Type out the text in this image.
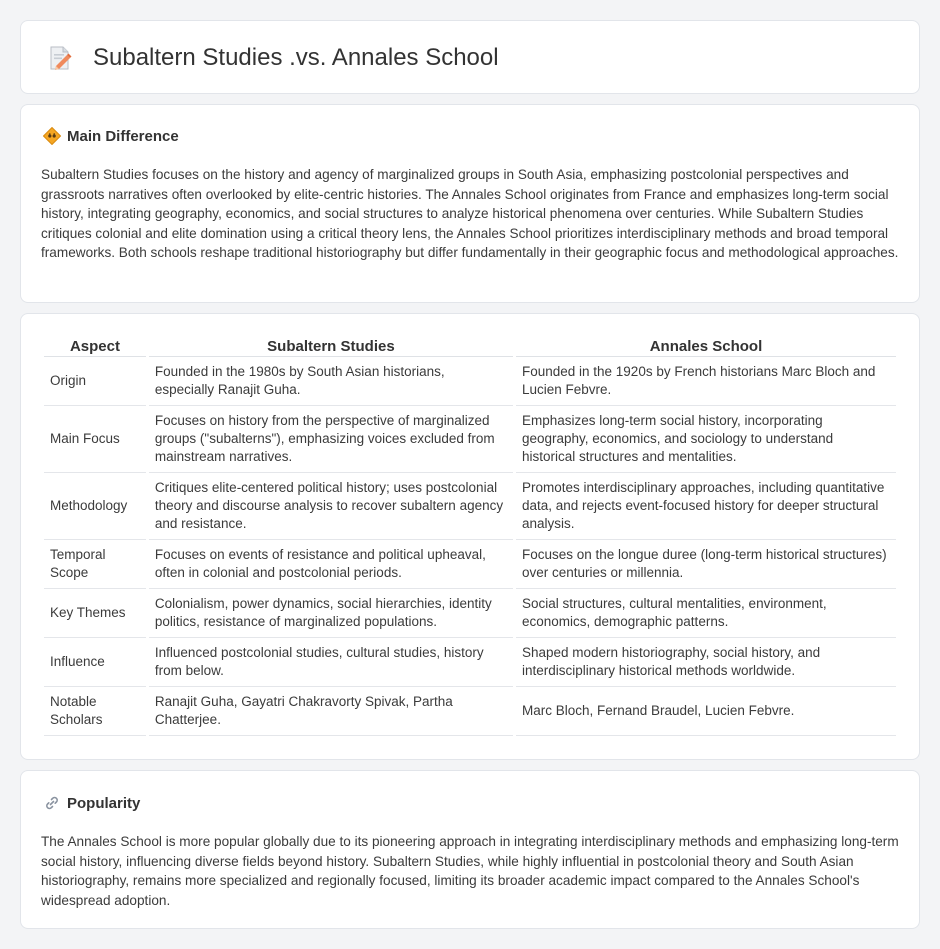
Subaltern Studies .vs. Annales School
Main Difference

Subaltern Studies focuses on the history and agency of marginalized groups in South Asia, emphasizing postcolonial perspectives and grassroots narratives often overlooked by elite-centric histories. The Annales School originates from France and emphasizes long-term social history, integrating geography, economics, and social structures to analyze historical phenomena over centuries. While Subaltern Studies critiques colonial and elite domination using a critical theory lens, the Annales School prioritizes interdisciplinary methods and broad temporal frameworks. Both schools reshape traditional historiography but differ fundamentally in their geographic focus and methodological approaches.

Aspect	Subaltern Studies	Annales School
Origin	Founded in the 1980s by South Asian historians, especially Ranajit Guha.	Founded in the 1920s by French historians Marc Bloch and Lucien Febvre.
Main Focus	Focuses on history from the perspective of marginalized groups ("subalterns"), emphasizing voices excluded from mainstream narratives.	Emphasizes long-term social history, incorporating geography, economics, and sociology to understand historical structures and mentalities.
Methodology	Critiques elite-centered political history; uses postcolonial theory and discourse analysis to recover subaltern agency and resistance.	Promotes interdisciplinary approaches, including quantitative data, and rejects event-focused history for deeper structural analysis.
Temporal Scope	Focuses on events of resistance and political upheaval, often in colonial and postcolonial periods.	Focuses on the longue duree (long-term historical structures) over centuries or millennia.
Key Themes	Colonialism, power dynamics, social hierarchies, identity politics, resistance of marginalized populations.	Social structures, cultural mentalities, environment, economics, demographic patterns.
Influence	Influenced postcolonial studies, cultural studies, history from below.	Shaped modern historiography, social history, and interdisciplinary historical methods worldwide.
Notable Scholars	Ranajit Guha, Gayatri Chakravorty Spivak, Partha Chatterjee.	Marc Bloch, Fernand Braudel, Lucien Febvre.
Popularity

The Annales School is more popular globally due to its pioneering approach in integrating interdisciplinary methods and emphasizing long-term social history, influencing diverse fields beyond history. Subaltern Studies, while highly influential in postcolonial theory and South Asian historiography, remains more specialized and regionally focused, limiting its broader academic impact compared to the Annales School's widespread adoption.
